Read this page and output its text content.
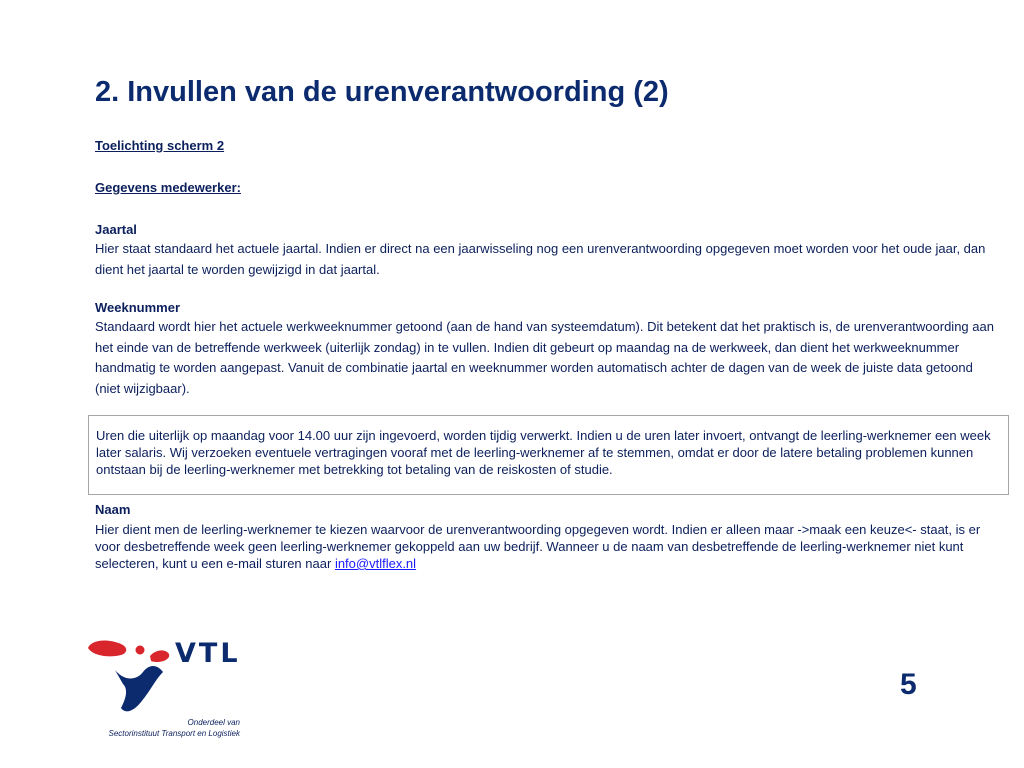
2. Invullen van de urenverantwoording (2)

Toelichting scherm 2

Gegevens medewerker:

Jaartal

Hier staat standaard het actuele jaartal. Indien er direct na een jaarwisseling nog een urenverantwoording opgegeven moet worden voor het oude jaar, dan dient het jaartal te worden gewijzigd in dat jaartal.

Weeknummer

Standaard wordt hier het actuele werkweeknummer getoond (aan de hand van systeemdatum). Dit betekent dat het praktisch is, de urenverantwoording aan het einde van de betreffende werkweek (uiterlijk zondag) in te vullen. Indien dit gebeurt op maandag na de werkweek, dan dient het werkweeknummer handmatig te worden aangepast. Vanuit de combinatie jaartal en weeknummer worden automatisch achter de dagen van de week de juiste data getoond (niet wijzigbaar).

Uren die uiterlijk op maandag voor 14.00 uur zijn ingevoerd, worden tijdig verwerkt. Indien u de uren later invoert, ontvangt de leerling-werknemer een week later salaris. Wij verzoeken eventuele vertragingen vooraf met de leerling-werknemer af te stemmen, omdat er door de latere betaling problemen kunnen ontstaan bij de leerling-werknemer met betrekking tot betaling van de reiskosten of studie.

Naam

Hier dient men de leerling-werknemer te kiezen waarvoor de urenverantwoording opgegeven wordt. Indien er alleen maar ->maak een keuze<- staat, is er voor desbetreffende week geen leerling-werknemer gekoppeld aan uw bedrijf. Wanneer u de naam van desbetreffende de leerling-werknemer niet kunt selecteren, kunt u een e-mail sturen naar info@vtlflex.nl

VTL
Onderdeel van
Sectorinstituut Transport en Logistiek
5
